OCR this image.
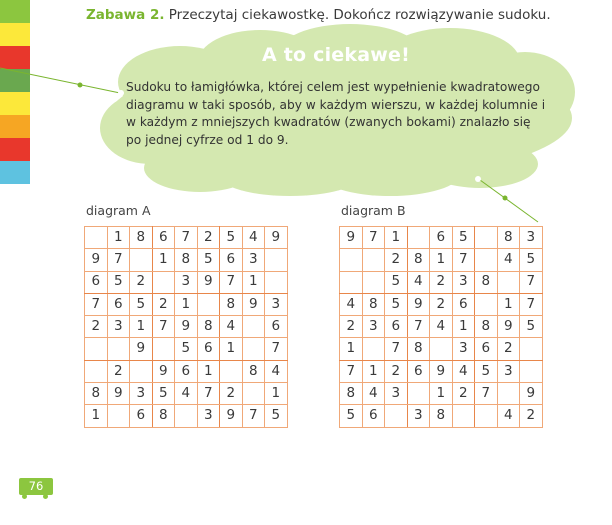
Zabawa 2. Przeczytaj ciekawostkę. Dokończ rozwiązywanie sudoku.
A to ciekawe!
Sudoku to łamigłówka, której celem jest wypełnienie kwadratowego diagramu w taki sposób, aby w każdym wierszu, w każdej kolumnie i w każdym z mniejszych kwadratów (zwanych bokami) znalazło się po jednej cyfrze od 1 do 9.
diagram A
	1	8	6	7	2	5	4	9
9	7		1	8	5	6	3	
6	5	2		3	9	7	1	
7	6	5	2	1		8	9	3
2	3	1	7	9	8	4		6
		9		5	6	1		7
	2		9	6	1		8	4
8	9	3	5	4	7	2		1
1		6	8		3	9	7	5
diagram B
9	7	1		6	5		8	3
		2	8	1	7		4	5
		5	4	2	3	8		7
4	8	5	9	2	6		1	7
2	3	6	7	4	1	8	9	5
1		7	8		3	6	2	
7	1	2	6	9	4	5	3	
8	4	3		1	2	7		9
5	6		3	8			4	2
76
